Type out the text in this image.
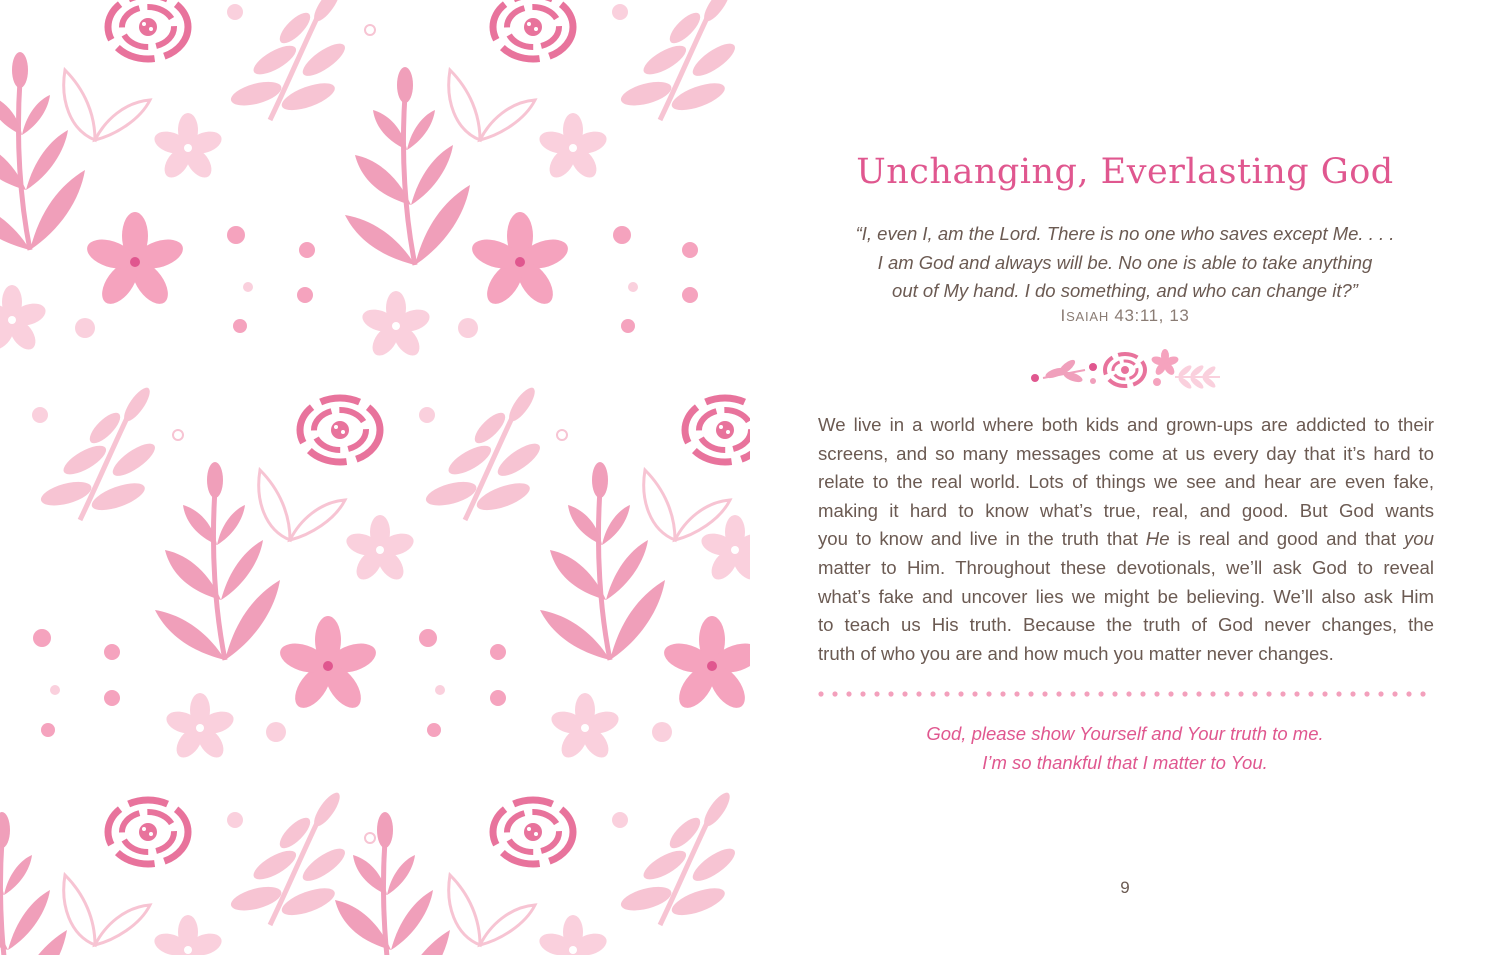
Unchanging, Everlasting God
“I, even I, am the Lord. There is no one who saves except Me. . . .
I am God and always will be. No one is able to take anything
out of My hand. I do something, and who can change it?”
ISAIAH 43:11, 13
We live in a world where both kids and grown-ups are addicted to their
screens, and so many messages come at us every day that it’s hard to
relate to the real world. Lots of things we see and hear are even fake,
making it hard to know what’s true, real, and good. But God wants
you to know and live in the truth that He is real and good and that you
matter to Him. Throughout these devotionals, we’ll ask God to reveal
what’s fake and uncover lies we might be believing. We’ll also ask Him
to teach us His truth. Because the truth of God never changes, the
truth of who you are and how much you matter never changes.
God, please show Yourself and Your truth to me.
I’m so thankful that I matter to You.
9
